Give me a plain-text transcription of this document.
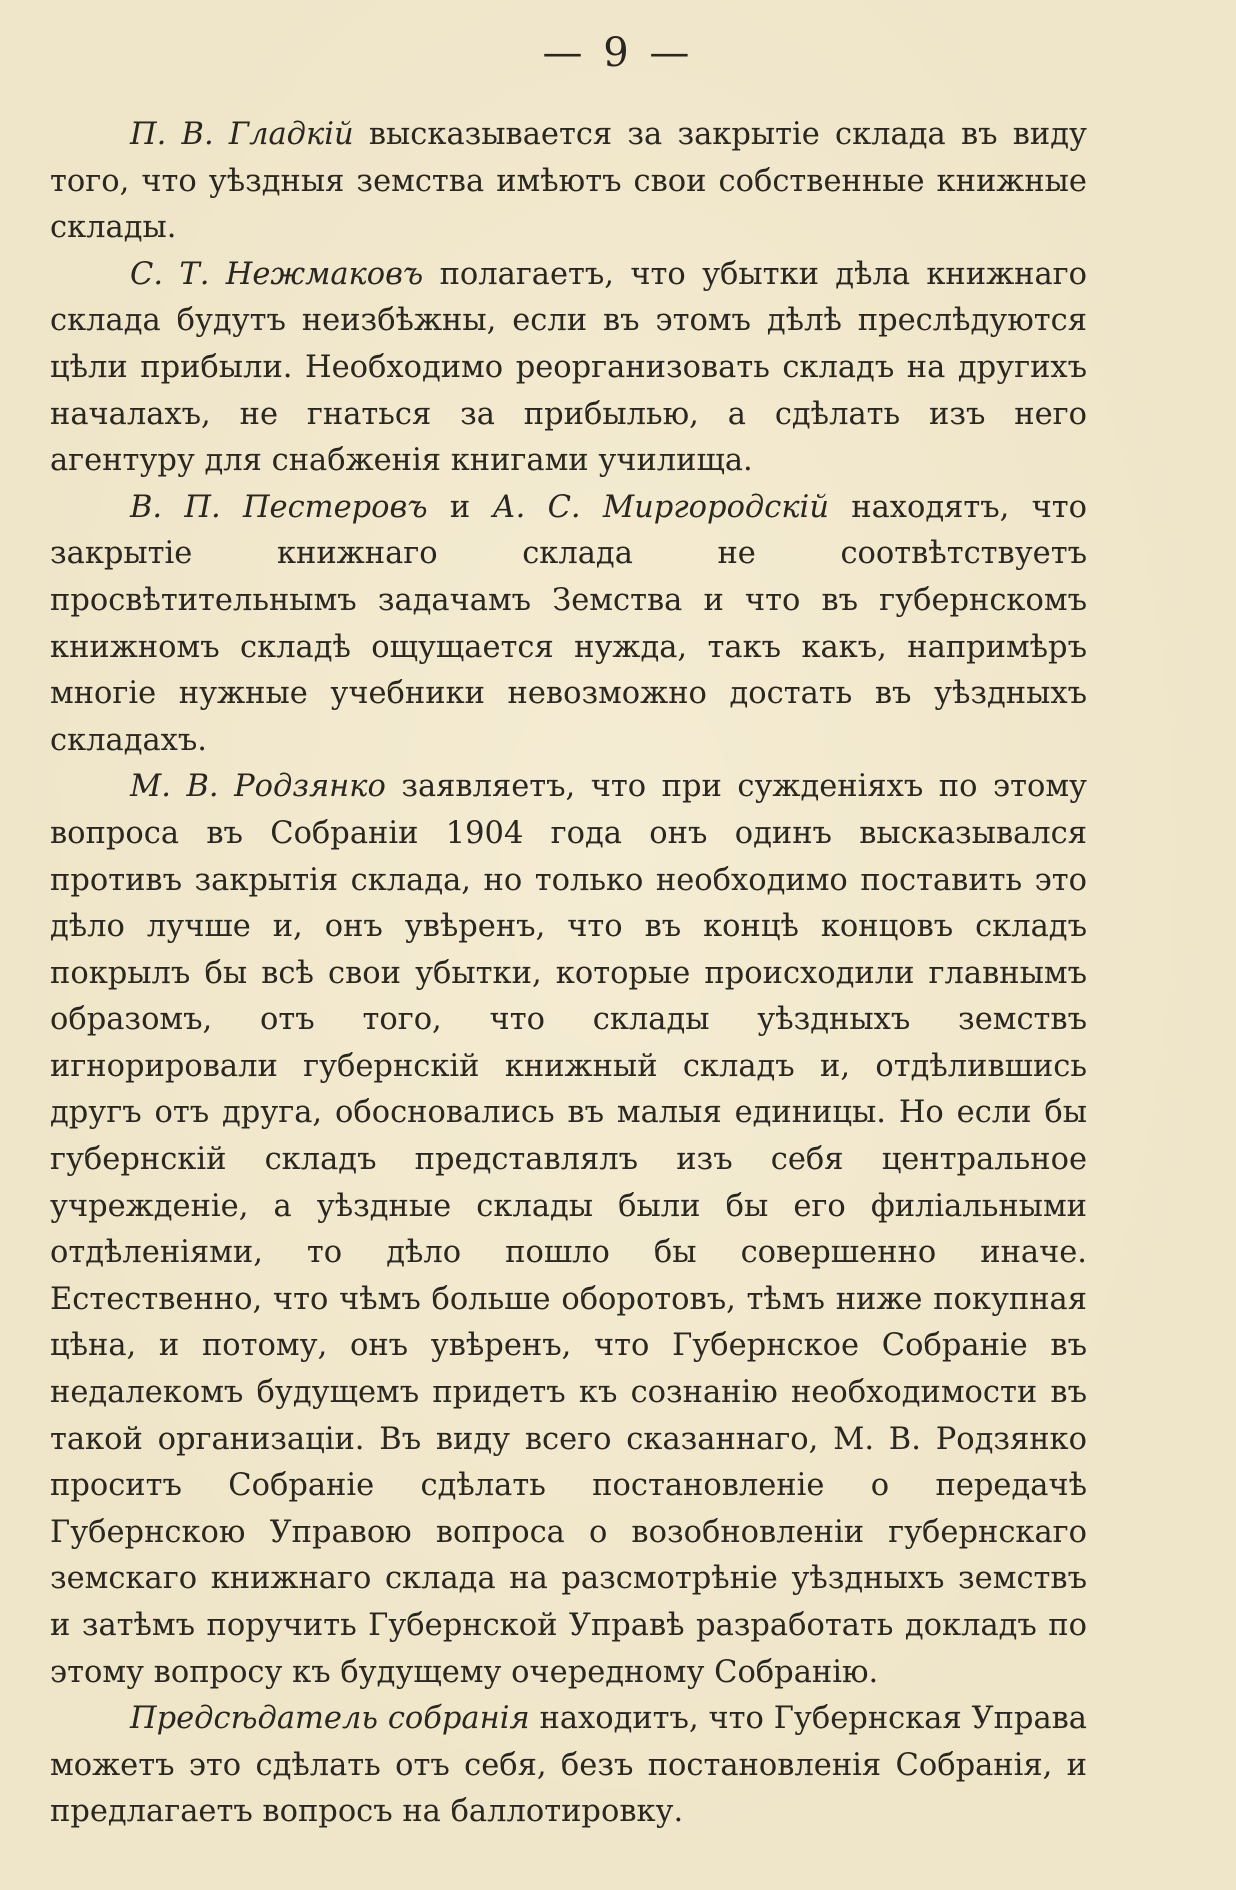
— 9 —

П. В. Гладкій высказывается за закрытіе склада въ виду того, что уѣздныя земства имѣютъ свои собственные книжные склады.

С. Т. Нежмаковъ полагаетъ, что убытки дѣла книжнаго склада будутъ неизбѣжны, если въ этомъ дѣлѣ преслѣдуются цѣли прибыли. Необходимо реорганизовать складъ на другихъ началахъ, не гнаться за прибылью, а сдѣлать изъ него агентуру для снабженія книгами училища.

В. П. Пестеровъ и А. С. Миргородскій находятъ, что закрытіе книжнаго склада не соотвѣтствуетъ просвѣтительнымъ задачамъ Земства и что въ губернскомъ книжномъ складѣ ощущается нужда, такъ какъ, напримѣръ многіе нужные учебники невозможно достать въ уѣздныхъ складахъ.

М. В. Родзянко заявляетъ, что при сужденіяхъ по этому вопроса въ Собраніи 1904 года онъ одинъ высказывался противъ закрытія склада, но только необходимо поставить это дѣло лучше и, онъ увѣренъ, что въ концѣ концовъ складъ покрылъ бы всѣ свои убытки, которые происходили главнымъ образомъ, отъ того, что склады уѣздныхъ земствъ игнорировали губернскій книжный складъ и, отдѣлившись другъ отъ друга, обосновались въ малыя единицы. Но если бы губернскій складъ представлялъ изъ себя центральное учрежденіе, а уѣздные склады были бы его филіальными отдѣленіями, то дѣло пошло бы совершенно иначе. Естественно, что чѣмъ больше оборотовъ, тѣмъ ниже покупная цѣна, и потому, онъ увѣренъ, что Губернское Собраніе въ недалекомъ будущемъ придетъ къ сознанію необходимости въ такой организаціи. Въ виду всего сказаннаго, М. В. Родзянко проситъ Собраніе сдѣлать постановленіе о передачѣ Губернскою Управою вопроса о возобновленіи губернскаго земскаго книжнаго склада на разсмотрѣніе уѣздныхъ земствъ и затѣмъ поручить Губернской Управѣ разработать докладъ по этому вопросу къ будущему очередному Собранію.

Предсѣдатель собранія находитъ, что Губернская Управа можетъ это сдѣлать отъ себя, безъ постановленія Собранія, и предлагаетъ вопросъ на баллотировку.
